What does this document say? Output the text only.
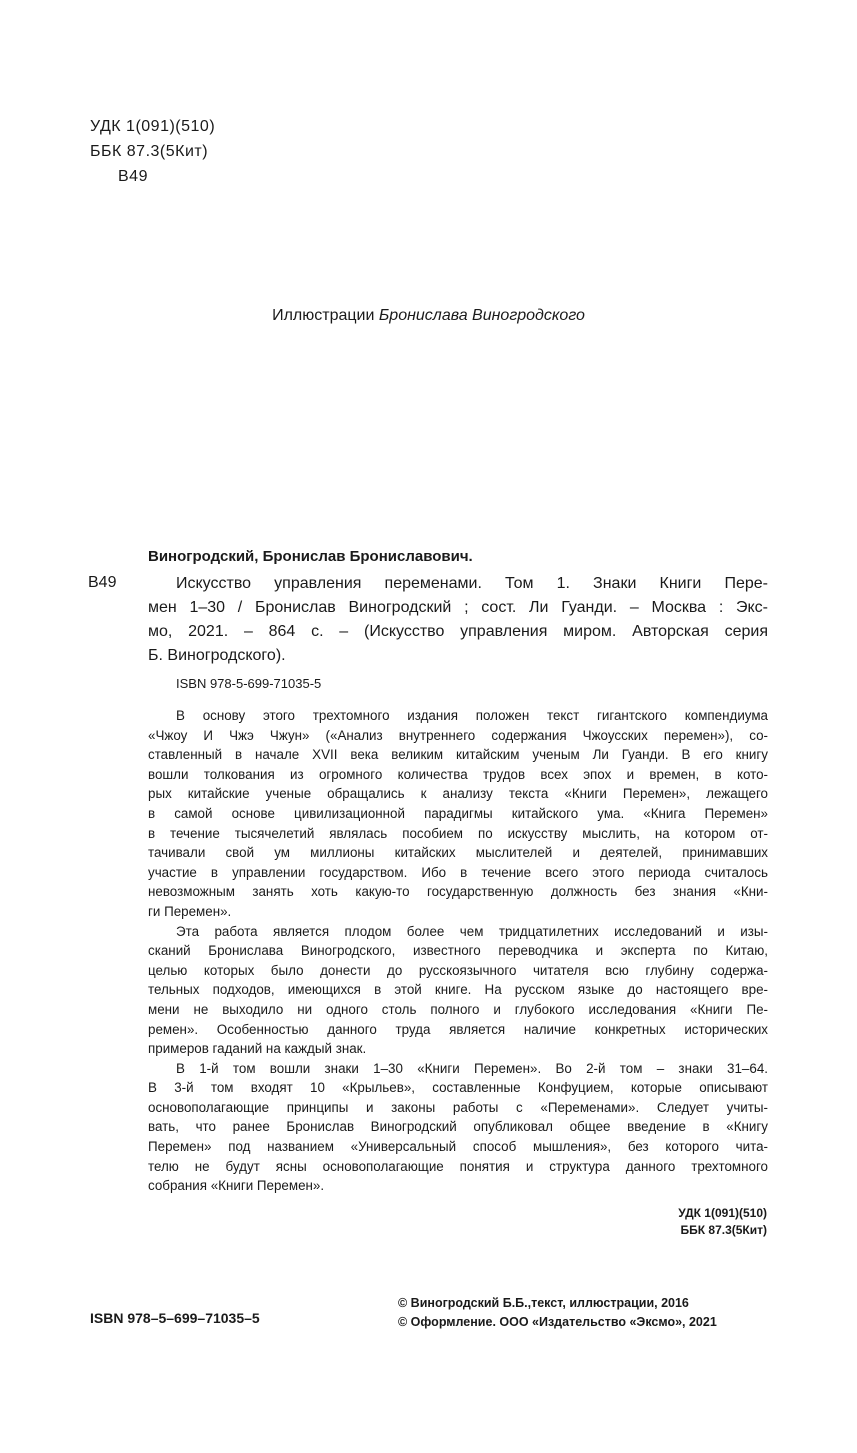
УДК 1(091)(510)
ББК 87.3(5Кит)
В49
Иллюстрации Бронислава Виногродского
Виногродский, Бронислав Брониславович.
В49	Искусство управления переменами. Том 1. Знаки Книги Пере-
мен 1–30 / Бронислав Виногродский ; сост. Ли Гуанди. – Москва : Экс-
мо, 2021. – 864 с. – (Искусство управления миром. Авторская серия
Б. Виногродского).
ISBN 978-5-699-71035-5
В основу этого трехтомного издания положен текст гигантского компендиума
«Чжоу И Чжэ Чжун» («Анализ внутреннего содержания Чжоусских перемен»), со-
ставленный в начале XVII века великим китайским ученым Ли Гуанди. В его книгу
вошли толкования из огромного количества трудов всех эпох и времен, в кото-
рых китайские ученые обращались к анализу текста «Книги Перемен», лежащего
в самой основе цивилизационной парадигмы китайского ума. «Книга Перемен»
в течение тысячелетий являлась пособием по искусству мыслить, на котором от-
тачивали свой ум миллионы китайских мыслителей и деятелей, принимавших
участие в управлении государством. Ибо в течение всего этого периода считалось
невозможным занять хоть какую-то государственную должность без знания «Кни-
ги Перемен».
Эта работа является плодом более чем тридцатилетних исследований и изы-
сканий Бронислава Виногродского, известного переводчика и эксперта по Китаю,
целью которых было донести до русскоязычного читателя всю глубину содержа-
тельных подходов, имеющихся в этой книге. На русском языке до настоящего вре-
мени не выходило ни одного столь полного и глубокого исследования «Книги Пе-
ремен». Особенностью данного труда является наличие конкретных исторических
примеров гаданий на каждый знак.
В 1-й том вошли знаки 1–30 «Книги Перемен». Во 2-й том – знаки 31–64.
В 3-й том входят 10 «Крыльев», составленные Конфуцием, которые описывают
основополагающие принципы и законы работы с «Переменами». Следует учиты-
вать, что ранее Бронислав Виногродский опубликовал общее введение в «Книгу
Перемен» под названием «Универсальный способ мышления», без которого чита-
телю не будут ясны основополагающие понятия и структура данного трехтомного
собрания «Книги Перемен».
УДК 1(091)(510)
ББК 87.3(5Кит)
ISBN 978–5–699–71035–5
© Виногродский Б.Б.,текст, иллюстрации, 2016
© Оформление. ООО «Издательство «Эксмо», 2021
